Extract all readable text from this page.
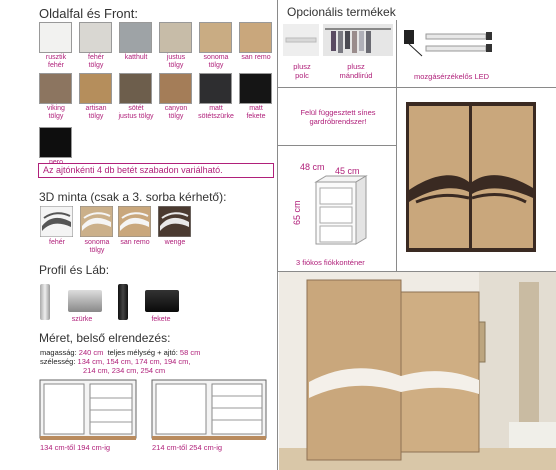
Oldalfal és Front:
rusztik
fehér
fehér
tölgy
katthult	justus
tölgy
sonoma
tölgy
san remo
viking
tölgy
artisan
tölgy
sötét
justus tölgy
canyon
tölgy
matt
sötétszürke
matt
fekete
nero
Az ajtónkénti 4 db betét szabadon variálható.
3D minta (csak a 3. sorba kérhető):
fehér	sonoma
tölgy
san remo	wenge
Profil és Láb:
szürke	fekete
Méret, belső elrendezés:
magasság: 240 cm teljes mélység + ajtó: 58 cm
szélesség: 134 cm, 154 cm, 174 cm, 194 cm,
214 cm, 234 cm, 254 cm
134 cm-től 194 cm-ig	214 cm-től 254 cm-ig
Opcionális termékek
plusz
polc
plusz
mándlirúd	mozgásérzékelős LED
Felül függesztett sínes
gardróbrendszer!
48 cm 45 cm
65 cm
3 fiókos fiókkonténer
